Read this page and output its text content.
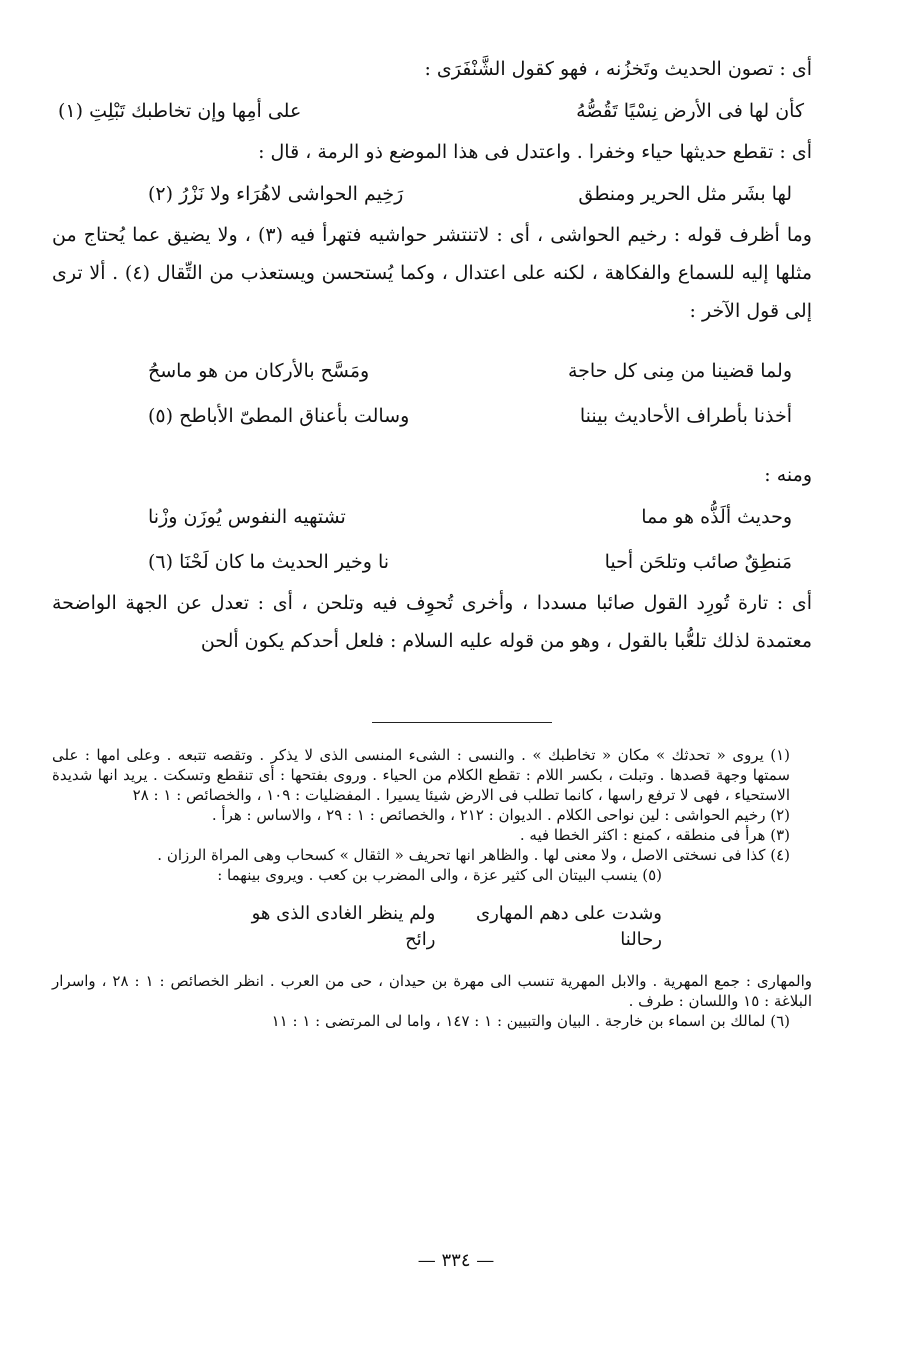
أى : تصون الحديث وتَخزُنه ، فهو كقول الشَّنْفَرَى :

كأن لها فى الأرض نِسْيًا تَقُصُّهُ
على أمِها وإن تخاطبك تَبْلِتِ (١)

أى : تقطع حديثها حياء وخفرا . واعتدل فى هذا الموضع ذو الرمة ، قال :

لها بشَر مثل الحرير ومنطق
رَخِيم الحواشى لاهُرَاء ولا نَزْرُ (٢)

وما أظرف قوله : رخيم الحواشى ، أى : لاتنتشر حواشيه فتهرأ فيه (٣) ، ولا يضيق عما يُحتاج من مثلها إليه للسماع والفكاهة ، لكنه على اعتدال ، وكما يُستحسن ويستعذب من التِّقال (٤) . ألا ترى إلى قول الآخر :

ولما قضينا من مِنى كل حاجة
ومَسَّح بالأركان من هو ماسحُ
أخذنا بأطراف الأحاديث بيننا
وسالت بأعناق المطىّ الأباطح (٥)

ومنه :

وحديث ألَذُّه هو مما
تشتهيه النفوس يُوزَن وزْنا
مَنطِقٌ صائب وتلحَن أحيا
نا وخير الحديث ما كان لَحْنَا (٦)

أى : تارة تُورِد القول صائبا مسددا ، وأخرى تُحوِف فيه وتلحن ، أى : تعدل عن الجهة الواضحة معتمدة لذلك تلعُّبا بالقول ، وهو من قوله عليه السلام : فلعل أحدكم يكون ألحن

(١) يروى « تحدثك » مكان « تخاطبك » . والنسى : الشىء المنسى الذى لا يذكر . وتقصه تتبعه . وعلى امها : على سمتها وجهة قصدها . وتبلت ، بكسر اللام : تقطع الكلام من الحياء . وروى بفتحها : أى تنقطع وتسكت . يريد انها شديدة الاستحياء ، فهى لا ترفع راسها ، كانما تطلب فى الارض شيئا يسيرا . المفضليات : ١٠٩ ، والخصائص : ١ : ٢٨

(٢) رخيم الحواشى : لين نواحى الكلام . الديوان : ٢١٢ ، والخصائص : ١ : ٢٩ ، والاساس : هرأ .

(٣) هرأ فى منطقه ، كمنع : اكثر الخطا فيه .

(٤) كذا فى نسختى الاصل ، ولا معنى لها . والظاهر انها تحريف « الثقال » كسحاب وهى المراة الرزان .

(٥) ينسب البيتان الى كثير عزة ، والى المضرب بن كعب . ويروى بينهما :

وشدت على دهم المهارى رحالنا
ولم ينظر الغادى الذى هو رائح

والمهارى : جمع المهرية . والابل المهرية تنسب الى مهرة بن حيدان ، حى من العرب . انظر الخصائص : ١ : ٢٨ ، واسرار البلاغة : ١٥ واللسان : طرف .

(٦) لمالك بن اسماء بن خارجة . البيان والتبيين : ١ : ١٤٧ ، واما لى المرتضى : ١ : ١١

— ٣٣٤ —
